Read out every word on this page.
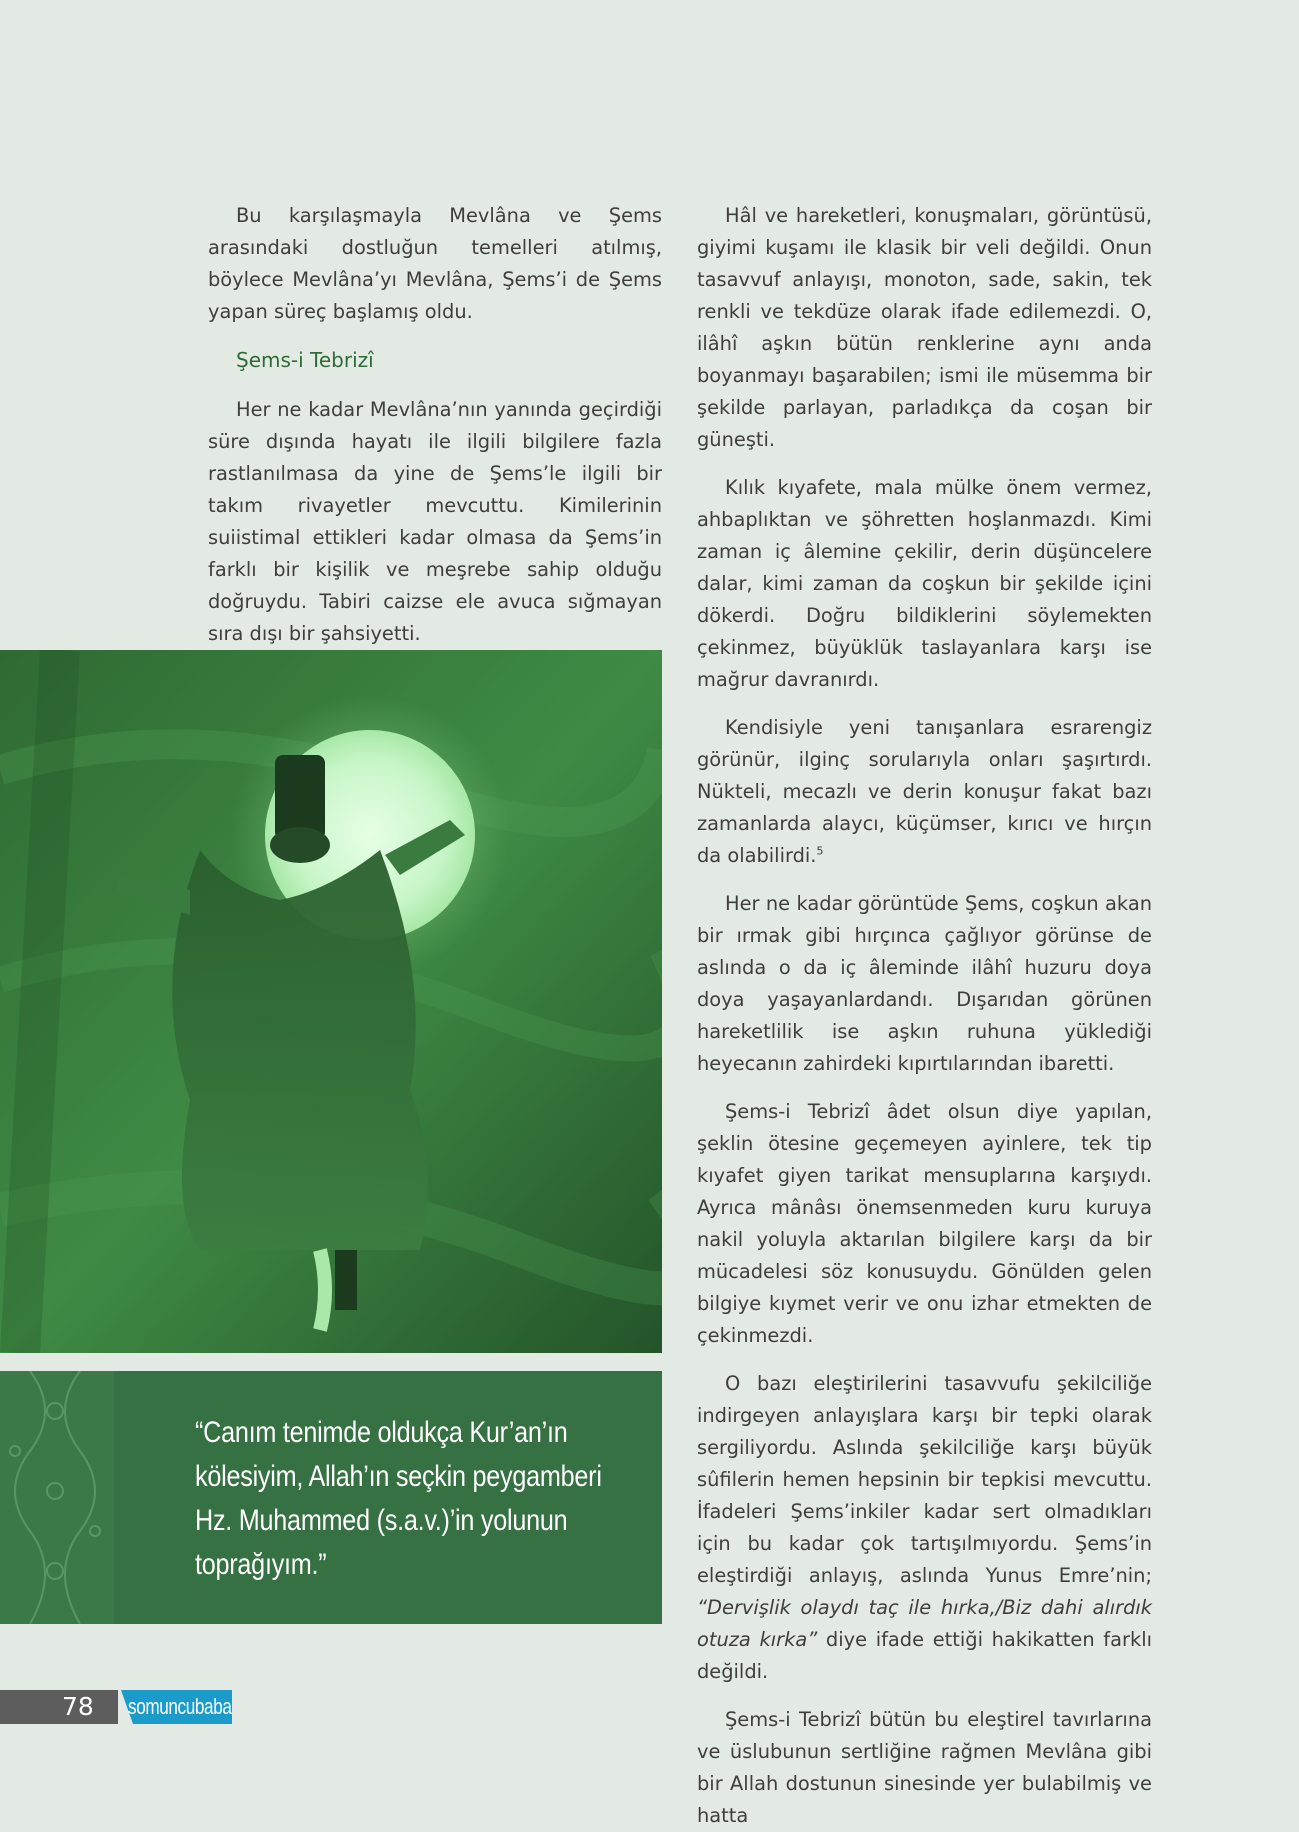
Bu karşılaşmayla Mevlâna ve Şems arasındaki dostluğun temelleri atılmış, böylece Mevlâna’yı Mevlâna, Şems’i de Şems yapan süreç başlamış oldu.

Şems-i Tebrizî

Her ne kadar Mevlâna’nın yanında geçirdiği süre dışında hayatı ile ilgili bilgilere fazla rastlanılmasa da yine de Şems’le ilgili bir takım rivayetler mevcuttu. Kimilerinin suiistimal ettikleri kadar olmasa da Şems’in farklı bir kişilik ve meşrebe sahip olduğu doğruydu. Tabiri caizse ele avuca sığmayan sıra dışı bir şahsiyetti.

Hâl ve hareketleri, konuşmaları, görüntüsü, giyimi kuşamı ile klasik bir veli değildi. Onun tasavvuf anlayışı, monoton, sade, sakin, tek renkli ve tekdüze olarak ifade edilemezdi. O, ilâhî aşkın bütün renklerine aynı anda boyanmayı başarabilen; ismi ile müsemma bir şekilde parlayan, parladıkça da coşan bir güneşti.

Kılık kıyafete, mala mülke önem vermez, ahbaplıktan ve şöhretten hoşlanmazdı. Kimi zaman iç âlemine çekilir, derin düşüncelere dalar, kimi zaman da coşkun bir şekilde içini dökerdi. Doğru bildiklerini söylemekten çekinmez, büyüklük taslayanlara karşı ise mağrur davranırdı.

Kendisiyle yeni tanışanlara esrarengiz görünür, ilginç sorularıyla onları şaşırtırdı. Nükteli, mecazlı ve derin konuşur fakat bazı zamanlarda alaycı, küçümser, kırıcı ve hırçın da olabilirdi.$^5$

Her ne kadar görüntüde Şems, coşkun akan bir ırmak gibi hırçınca çağlıyor görünse de aslında o da iç âleminde ilâhî huzuru doya doya yaşayanlardandı. Dışarıdan görünen hareketlilik ise aşkın ruhuna yüklediği heyecanın zahirdeki kıpırtılarından ibaretti.

Şems-i Tebrizî âdet olsun diye yapılan, şeklin ötesine geçemeyen ayinlere, tek tip kıyafet giyen tarikat mensuplarına karşıydı. Ayrıca mânâsı önemsenmeden kuru kuruya nakil yoluyla aktarılan bilgilere karşı da bir mücadelesi söz konusuydu. Gönülden gelen bilgiye kıymet verir ve onu izhar etmekten de çekinmezdi.

O bazı eleştirilerini tasavvufu şekilciliğe indirgeyen anlayışlara karşı bir tepki olarak sergiliyordu. Aslında şekilciliğe karşı büyük sûfilerin hemen hepsinin bir tepkisi mevcuttu. İfadeleri Şems’inkiler kadar sert olmadıkları için bu kadar çok tartışılmıyordu. Şems’in eleştirdiği anlayış, aslında Yunus Emre’nin; “Dervişlik olaydı taç ile hırka,/Biz dahi alırdık otuza kırka” diye ifade ettiği hakikatten farklı değildi.

Şems-i Tebrizî bütün bu eleştirel tavırlarına ve üslubunun sertliğine rağmen Mevlâna gibi bir Allah dostunun sinesinde yer bulabilmiş ve hatta

“Canım tenimde oldukça Kur’an’ın kölesiyim, Allah’ın seçkin peygamberi Hz. Muhammed (s.a.v.)’in yolunun toprağıyım.”

78 somuncubaba
